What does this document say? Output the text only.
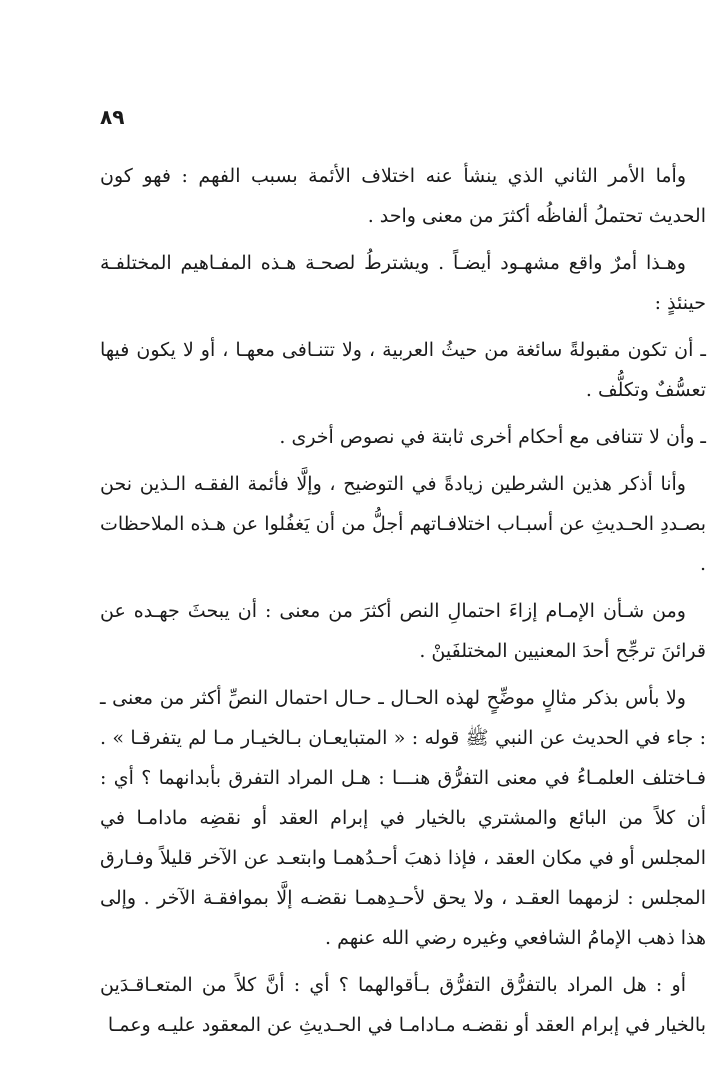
٨٩

وأما الأمر الثاني الذي ينشأ عنه اختلاف الأئمة بسبب الفهم : فهو كون الحديث تحتملُ ألفاظُه أكثرَ من معنى واحد .

وهـذا أمرٌ واقع مشهـود أيضـاً . ويشترطُ لصحـة هـذه المفـاهيم المختلفـة حينئذٍ :

ـ أن تكون مقبولةً سائغة من حيثُ العربية ، ولا تتنـافى معهـا ، أو لا يكون فيها تعسُّفٌ وتكلُّف .

ـ وأن لا تتنافى مع أحكام أخرى ثابتة في نصوص أخرى .

وأنا أذكر هذين الشرطين زيادةً في التوضيح ، وإلَّا فأئمة الفقـه الـذين نحن بصـددِ الحـديثِ عن أسبـاب اختلافـاتهم أجلُّ من أن يَغفُلوا عن هـذه الملاحظات .

ومن شـأن الإمـام إزاءَ احتمالِ النص أكثرَ من معنى : أن يبحثَ جهـده عن قرائنَ ترجِّح أحدَ المعنيين المختلفَينْ .

ولا بأس بذكر مثالٍ موضِّحٍ لهذه الحـال ـ حـال احتمال النصِّ أكثر من معنى ـ : جاء في الحديث عن النبي ﷺ قوله : « المتبايعـان بـالخيـار مـا لم يتفرقـا » . فـاختلف العلمـاءُ في معنى التفرُّق هنـــا : هـل المراد التفرق بأبدانهما ؟ أي : أن كلاً من البائع والمشتري بالخيار في إبرام العقد أو نقضِه مادامـا في المجلس أو في مكان العقد ، فإذا ذهبَ أحـدُهمـا وابتعـد عن الآخر قليلاً وفـارق المجلس : لزمهما العقـد ، ولا يحق لأحـدِهمـا نقضـه إلَّا بموافقـة الآخر . وإلى هذا ذهب الإمامُ الشافعي وغيره رضي الله عنهم .

أو : هل المراد بالتفرُّق التفرُّق بـأقوالهما ؟ أي : أنَّ كلاً من المتعـاقـدَين بالخيار في إبرام العقد أو نقضـه مـادامـا في الحـديثِ عن المعقود عليـه وعمـا
